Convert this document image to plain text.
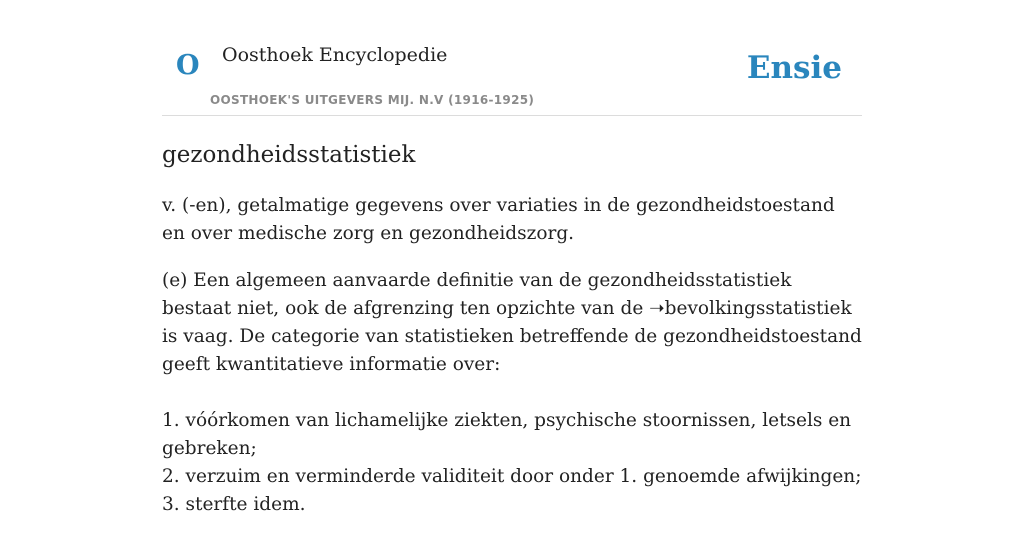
O Oosthoek Encyclopedie
OOSTHOEK'S UITGEVERS MIJ. N.V (1916-1925)
Ensie
gezondheidsstatistiek

v. (-en), getalmatige gegevens over variaties in de gezondheidstoestand en over medische zorg en gezondheidszorg.

(e) Een algemeen aanvaarde definitie van de gezondheidsstatistiek bestaat niet, ook de afgrenzing ten opzichte van de ➝bevolkingsstatistiek is vaag. De categorie van statistieken betreffende de gezondheidstoestand geeft kwantitatieve informatie over:
1. vóórkomen van lichamelijke ziekten, psychische stoornissen, letsels en gebreken;
2. verzuim en verminderde validiteit door onder 1. genoemde afwijkingen;
3. sterfte idem.
